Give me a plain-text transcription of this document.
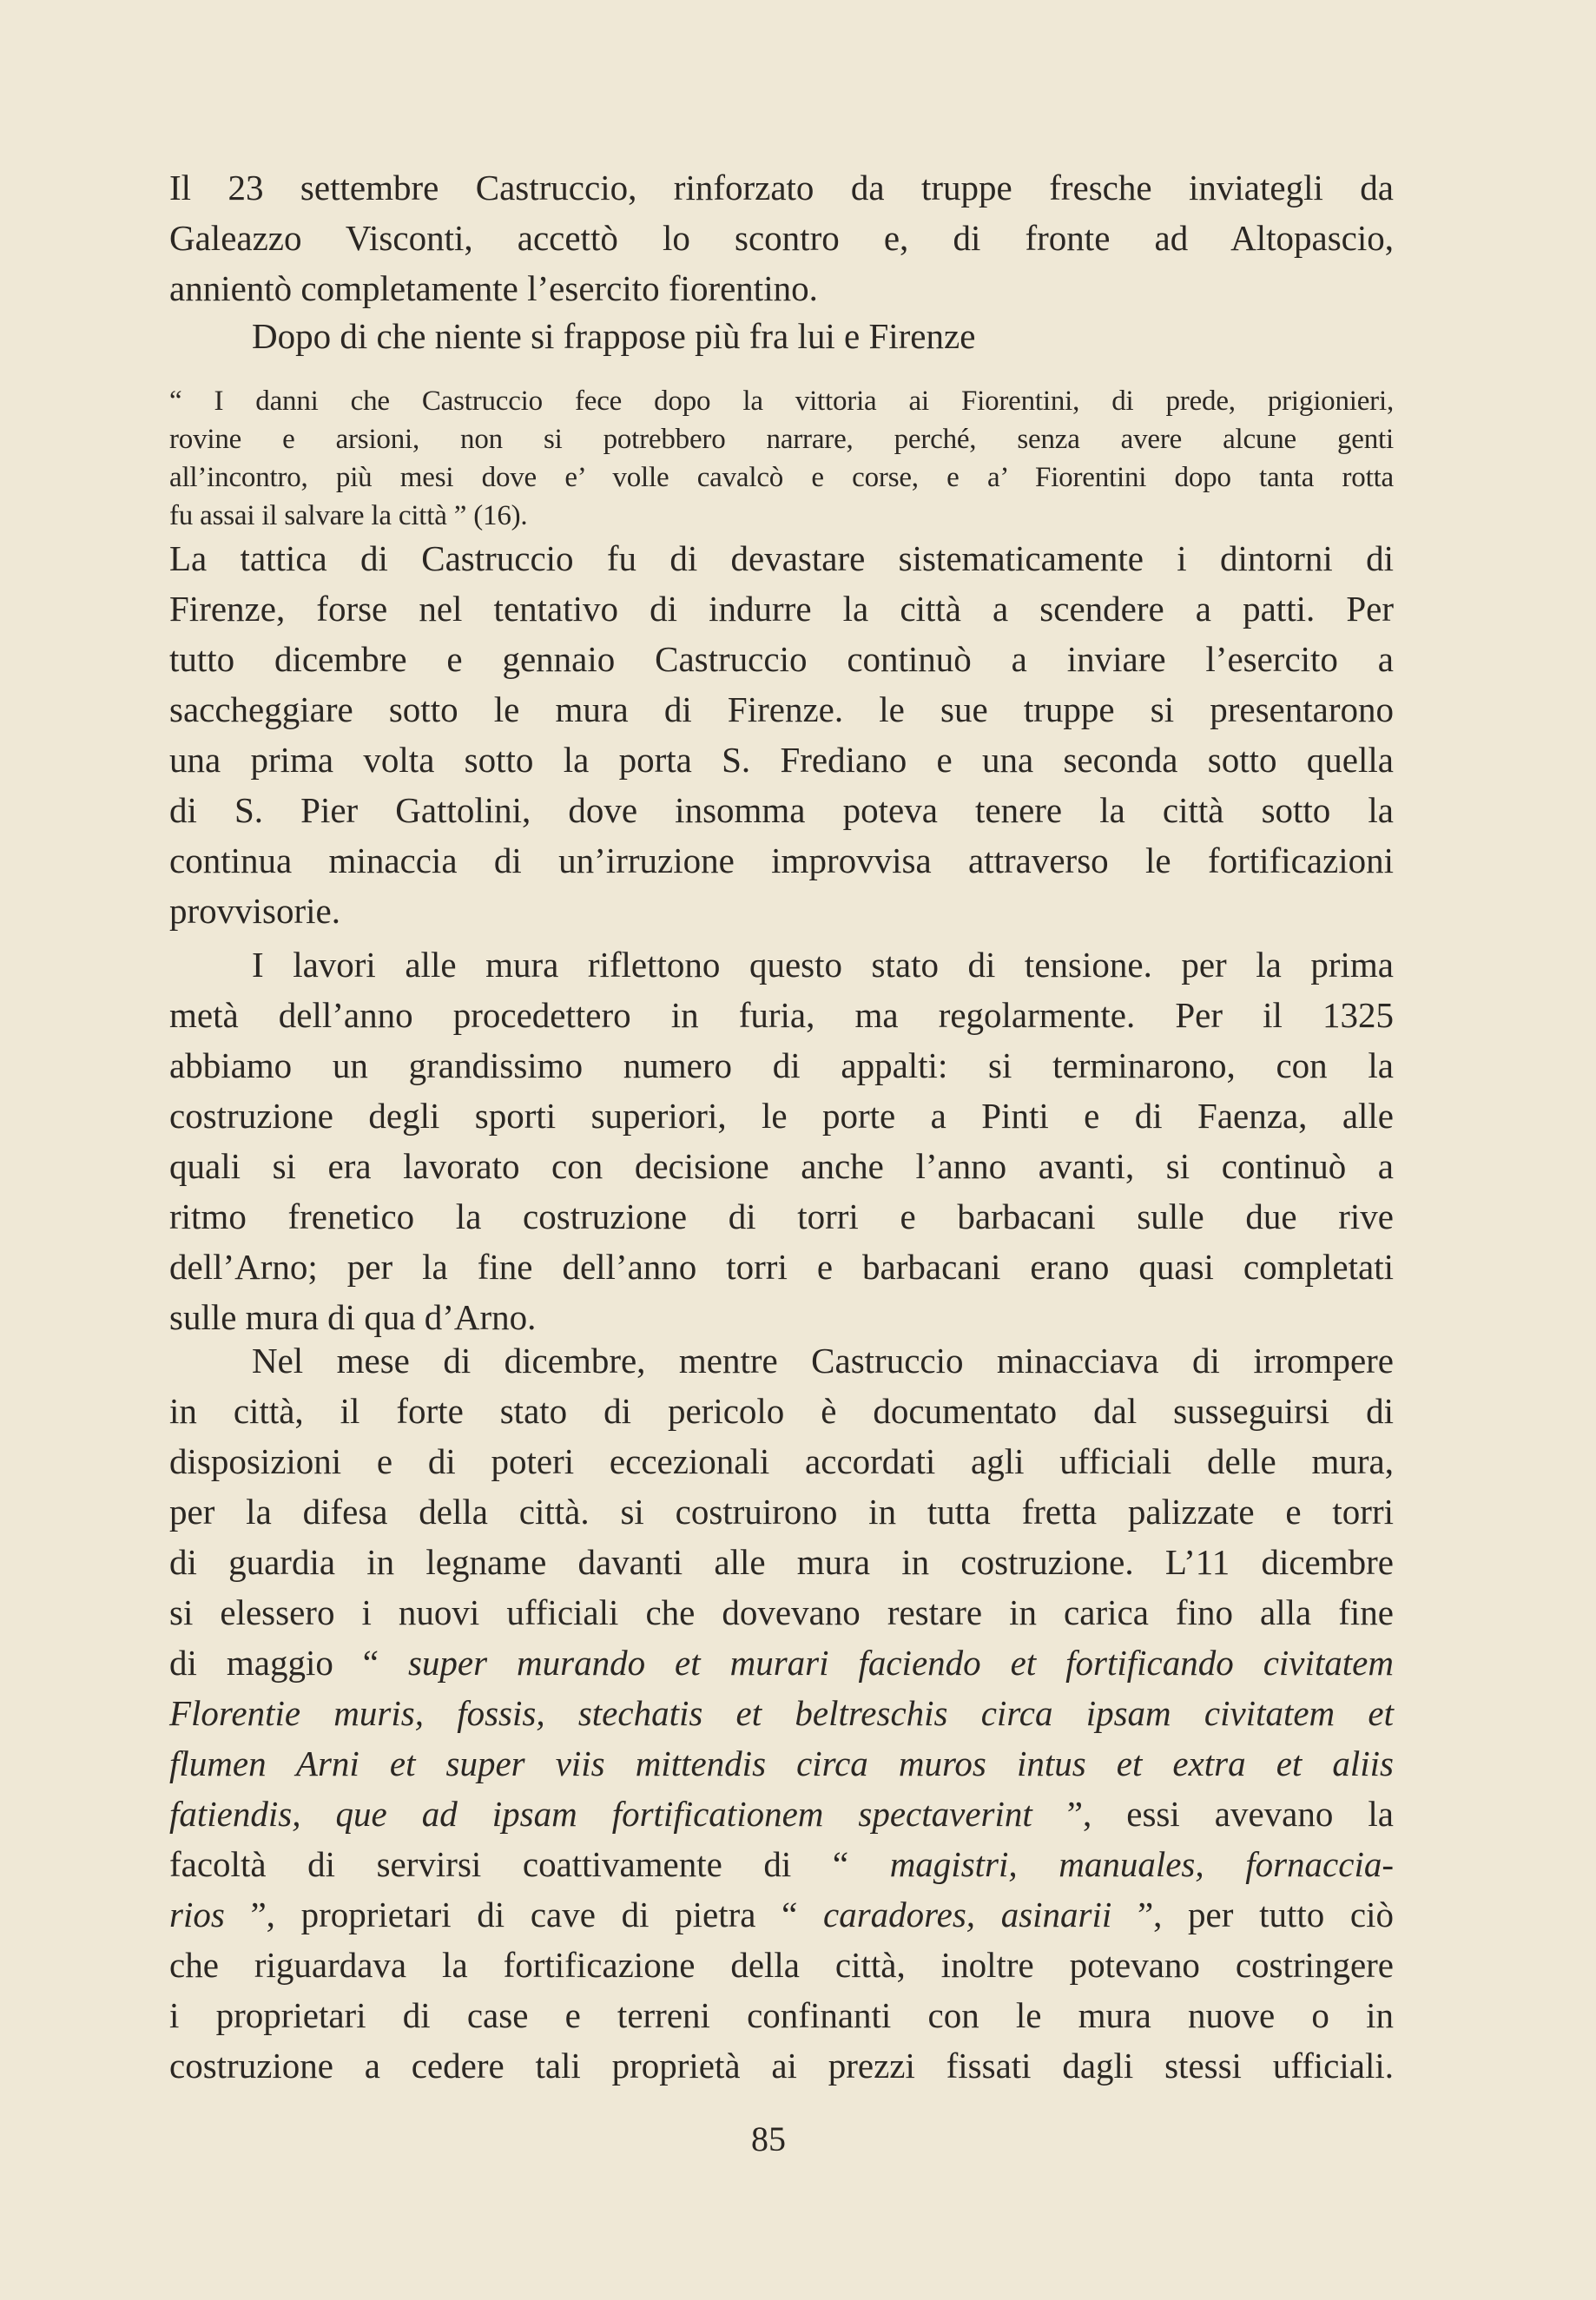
Il 23 settembre Castruccio, rinforzato da truppe fresche inviategli da
Galeazzo Visconti, accettò lo scontro e, di fronte ad Altopascio,
annientò completamente l’esercito fiorentino.
Dopo di che niente si frappose più fra lui e Firenze
“ I danni che Castruccio fece dopo la vittoria ai Fiorentini, di prede, prigionieri,
rovine e arsioni, non si potrebbero narrare, perché, senza avere alcune genti
all’incontro, più mesi dove e’ volle cavalcò e corse, e a’ Fiorentini dopo tanta rotta
fu assai il salvare la città ” (16).
La tattica di Castruccio fu di devastare sistematicamente i dintorni di
Firenze, forse nel tentativo di indurre la città a scendere a patti. Per
tutto dicembre e gennaio Castruccio continuò a inviare l’esercito a
saccheggiare sotto le mura di Firenze. le sue truppe si presentarono
una prima volta sotto la porta S. Frediano e una seconda sotto quella
di S. Pier Gattolini, dove insomma poteva tenere la città sotto la
continua minaccia di un’irruzione improvvisa attraverso le fortificazioni
provvisorie.
I lavori alle mura riflettono questo stato di tensione. per la prima
metà dell’anno procedettero in furia, ma regolarmente. Per il 1325
abbiamo un grandissimo numero di appalti: si terminarono, con la
costruzione degli sporti superiori, le porte a Pinti e di Faenza, alle
quali si era lavorato con decisione anche l’anno avanti, si continuò a
ritmo frenetico la costruzione di torri e barbacani sulle due rive
dell’Arno; per la fine dell’anno torri e barbacani erano quasi completati
sulle mura di qua d’Arno.
Nel mese di dicembre, mentre Castruccio minacciava di irrompere
in città, il forte stato di pericolo è documentato dal susseguirsi di
disposizioni e di poteri eccezionali accordati agli ufficiali delle mura,
per la difesa della città. si costruirono in tutta fretta palizzate e torri
di guardia in legname davanti alle mura in costruzione. L’11 dicembre
si elessero i nuovi ufficiali che dovevano restare in carica fino alla fine
di maggio “ super murando et murari faciendo et fortificando civitatem
Florentie muris, fossis, stechatis et beltreschis circa ipsam civitatem et
flumen Arni et super viis mittendis circa muros intus et extra et aliis
fatiendis, que ad ipsam fortificationem spectaverint ”, essi avevano la
facoltà di servirsi coattivamente di “ magistri, manuales, fornaccia-
rios ”, proprietari di cave di pietra “ caradores, asinarii ”, per tutto ciò
che riguardava la fortificazione della città, inoltre potevano costringere
i proprietari di case e terreni confinanti con le mura nuove o in
costruzione a cedere tali proprietà ai prezzi fissati dagli stessi ufficiali.
85
